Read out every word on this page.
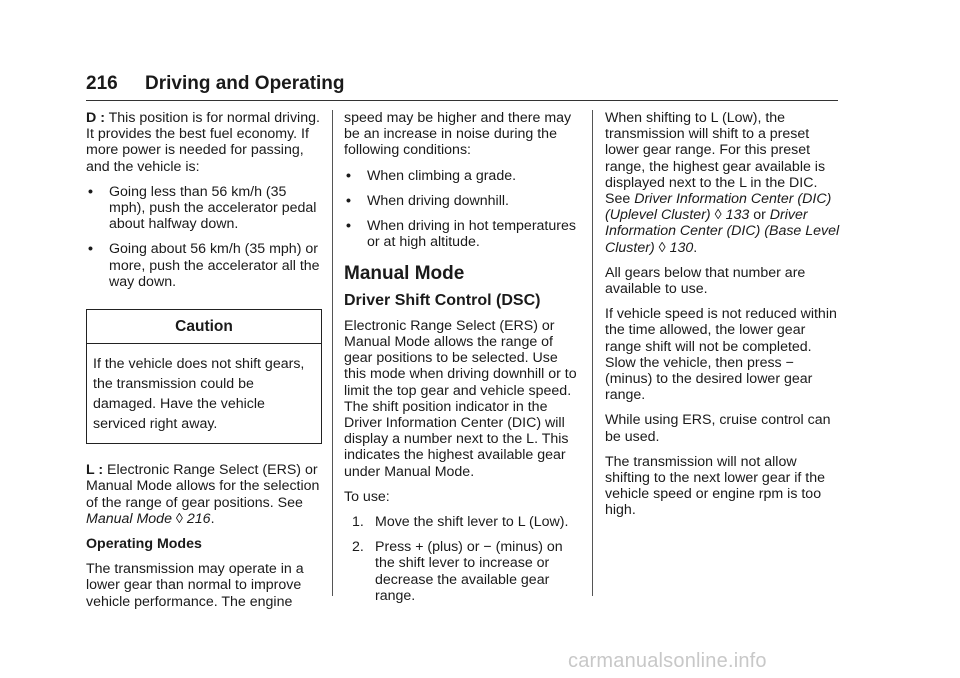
216 Driving and Operating

D : This position is for normal driving. It provides the best fuel economy. If more power is needed for passing, and the vehicle is:

• Going less than 56 km/h (35 mph), push the accelerator pedal about halfway down.
• Going about 56 km/h (35 mph) or more, push the accelerator all the way down.
Caution
If the vehicle does not shift gears, the transmission could be damaged. Have the vehicle serviced right away.

L : Electronic Range Select (ERS) or Manual Mode allows for the selection of the range of gear positions. See Manual Mode ◊ 216.

Operating Modes

The transmission may operate in a lower gear than normal to improve vehicle performance. The engine

speed may be higher and there may be an increase in noise during the following conditions:

• When climbing a grade.
• When driving downhill.
• When driving in hot temperatures or at high altitude.
Manual Mode
Driver Shift Control (DSC)

Electronic Range Select (ERS) or Manual Mode allows the range of gear positions to be selected. Use this mode when driving downhill or to limit the top gear and vehicle speed. The shift position indicator in the Driver Information Center (DIC) will display a number next to the L. This indicates the highest available gear under Manual Mode.

To use:

1. Move the shift lever to L (Low).
2. Press + (plus) or − (minus) on the shift lever to increase or decrease the available gear range.

When shifting to L (Low), the transmission will shift to a preset lower gear range. For this preset range, the highest gear available is displayed next to the L in the DIC. See Driver Information Center (DIC) (Uplevel Cluster) ◊ 133 or Driver Information Center (DIC) (Base Level Cluster) ◊ 130.

All gears below that number are available to use.

If vehicle speed is not reduced within the time allowed, the lower gear range shift will not be completed. Slow the vehicle, then press − (minus) to the desired lower gear range.

While using ERS, cruise control can be used.

The transmission will not allow shifting to the next lower gear if the vehicle speed or engine rpm is too high.

carmanualsonline.info
